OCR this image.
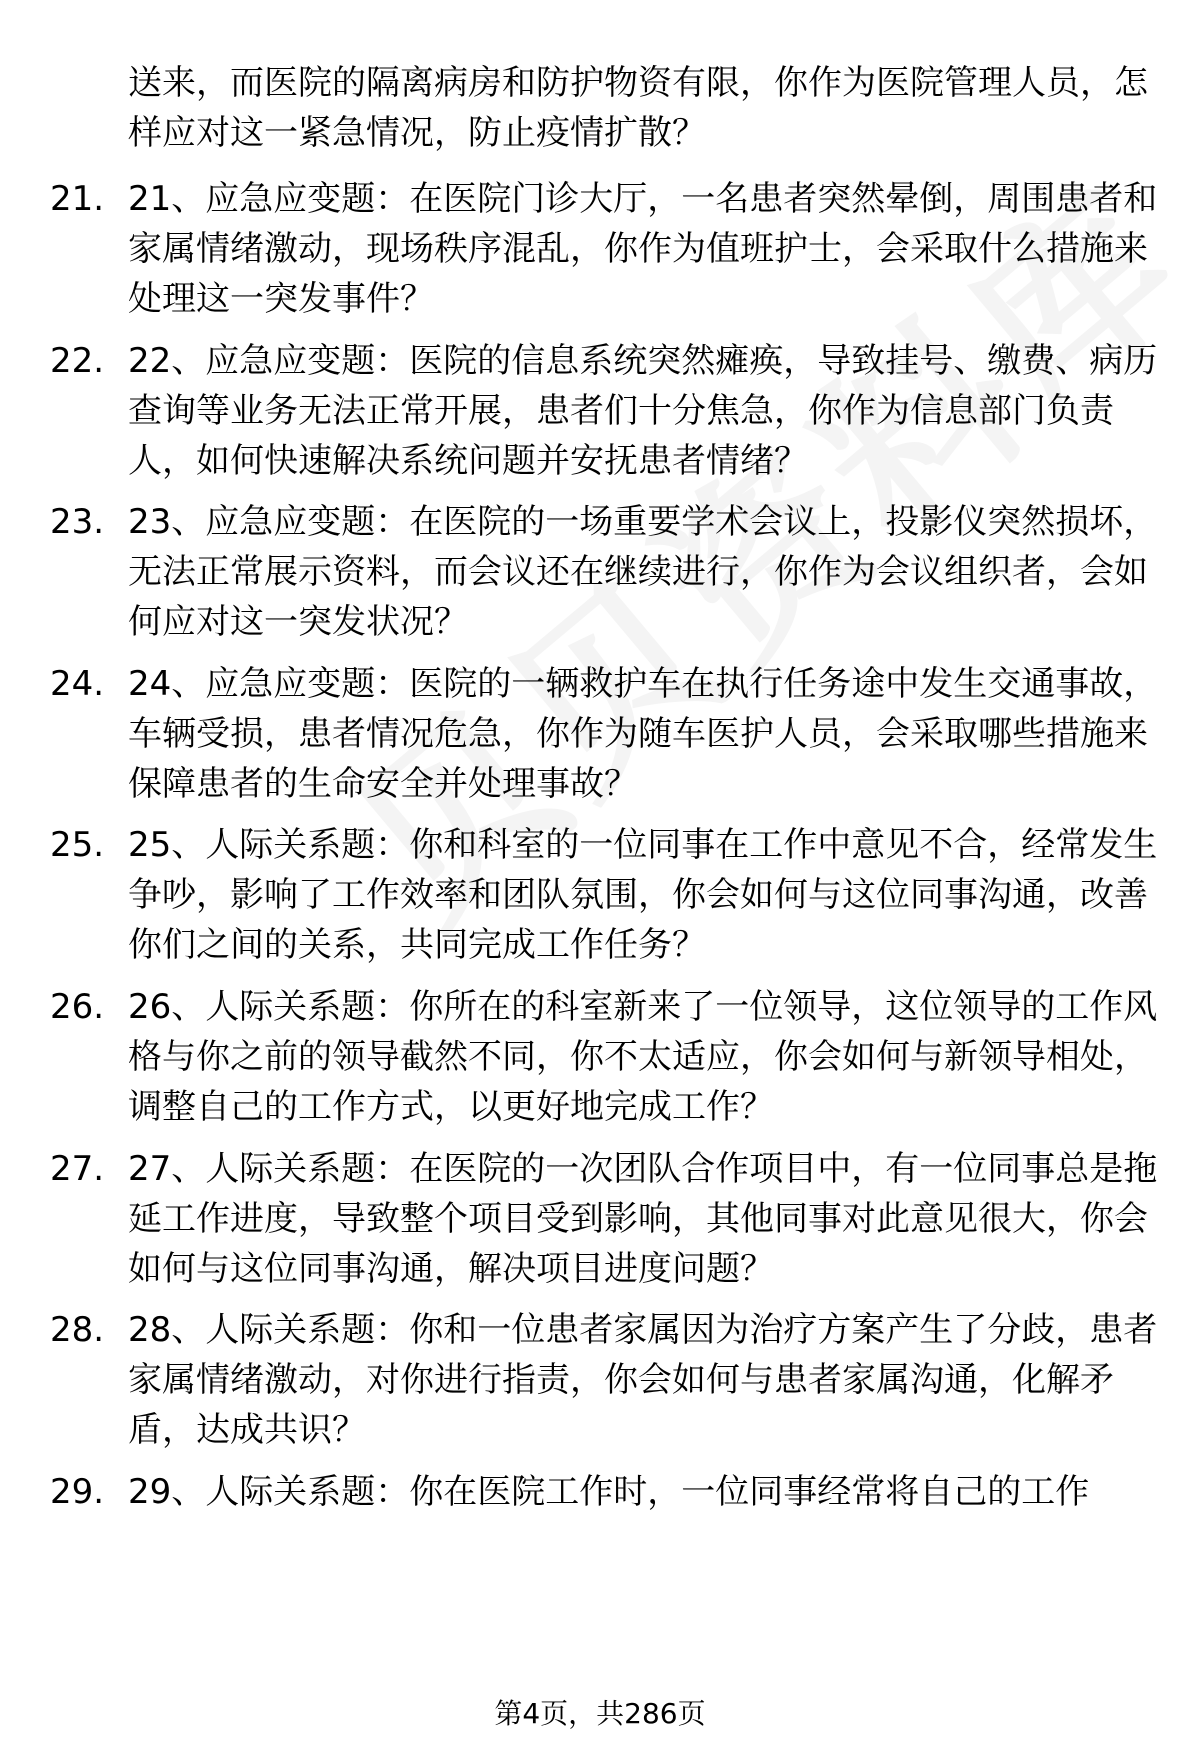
送来，而医院的隔离病房和防护物资有限，你作为医院管理人员，怎样应对这一紧急情况，防止疫情扩散？
21. 21、应急应变题：在医院门诊大厅，一名患者突然晕倒，周围患者和家属情绪激动，现场秩序混乱，你作为值班护士，会采取什么措施来处理这一突发事件？
22. 22、应急应变题：医院的信息系统突然瘫痪，导致挂号、缴费、病历查询等业务无法正常开展，患者们十分焦急，你作为信息部门负责人，如何快速解决系统问题并安抚患者情绪？
23. 23、应急应变题：在医院的一场重要学术会议上，投影仪突然损坏，无法正常展示资料，而会议还在继续进行，你作为会议组织者，会如何应对这一突发状况？
24. 24、应急应变题：医院的一辆救护车在执行任务途中发生交通事故，车辆受损，患者情况危急，你作为随车医护人员，会采取哪些措施来保障患者的生命安全并处理事故？
25. 25、人际关系题：你和科室的一位同事在工作中意见不合，经常发生争吵，影响了工作效率和团队氛围，你会如何与这位同事沟通，改善你们之间的关系，共同完成工作任务？
26. 26、人际关系题：你所在的科室新来了一位领导，这位领导的工作风格与你之前的领导截然不同，你不太适应，你会如何与新领导相处，调整自己的工作方式，以更好地完成工作？
27. 27、人际关系题：在医院的一次团队合作项目中，有一位同事总是拖延工作进度，导致整个项目受到影响，其他同事对此意见很大，你会如何与这位同事沟通，解决项目进度问题？
28. 28、人际关系题：你和一位患者家属因为治疗方案产生了分歧，患者家属情绪激动，对你进行指责，你会如何与患者家属沟通，化解矛盾，达成共识？
29. 29、人际关系题：你在医院工作时，一位同事经常将自己的工作
第4页，共286页
